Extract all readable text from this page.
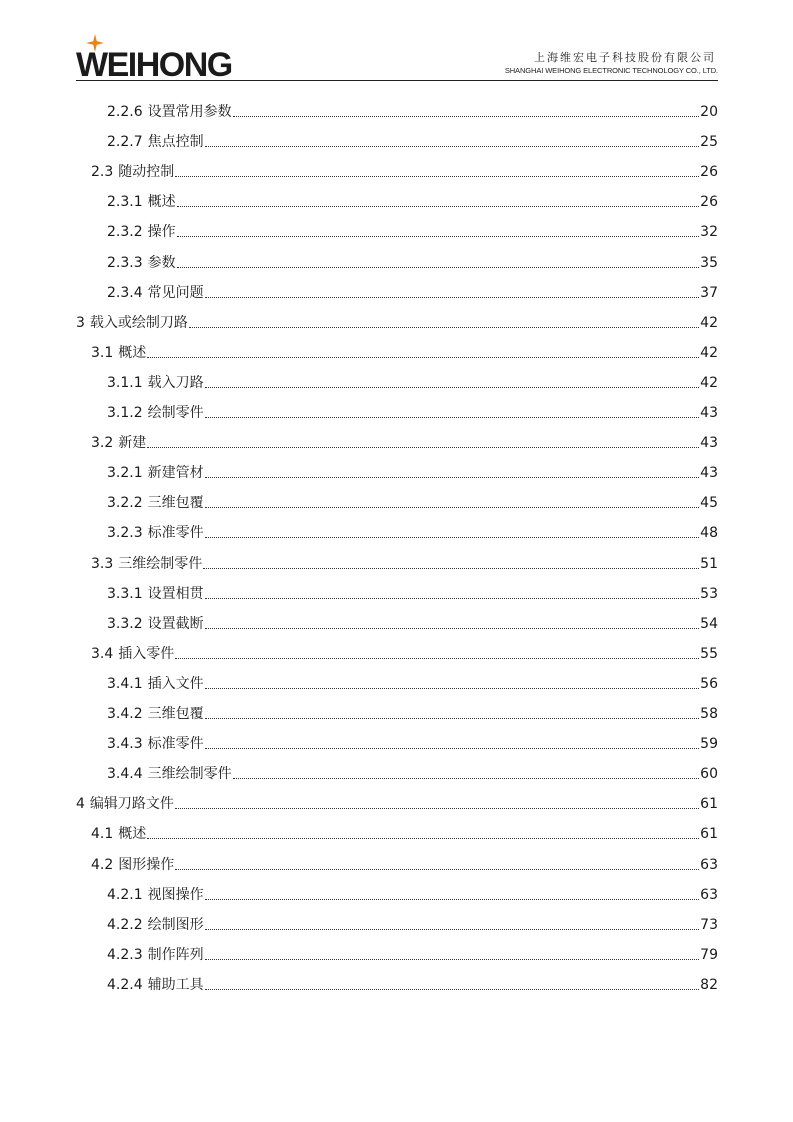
WEIHONG	上海维宏电子科技股份有限公司
SHANGHAI WEIHONG ELECTRONIC TECHNOLOGY CO., LTD.
2.2.6 设置常用参数	20
2.2.7 焦点控制	25
2.3 随动控制	26
2.3.1 概述	26
2.3.2 操作	32
2.3.3 参数	35
2.3.4 常见问题	37
3 载入或绘制刀路	42
3.1 概述	42
3.1.1 载入刀路	42
3.1.2 绘制零件	43
3.2 新建	43
3.2.1 新建管材	43
3.2.2 三维包覆	45
3.2.3 标准零件	48
3.3 三维绘制零件	51
3.3.1 设置相贯	53
3.3.2 设置截断	54
3.4 插入零件	55
3.4.1 插入文件	56
3.4.2 三维包覆	58
3.4.3 标准零件	59
3.4.4 三维绘制零件	60
4 编辑刀路文件	61
4.1 概述	61
4.2 图形操作	63
4.2.1 视图操作	63
4.2.2 绘制图形	73
4.2.3 制作阵列	79
4.2.4 辅助工具	82
